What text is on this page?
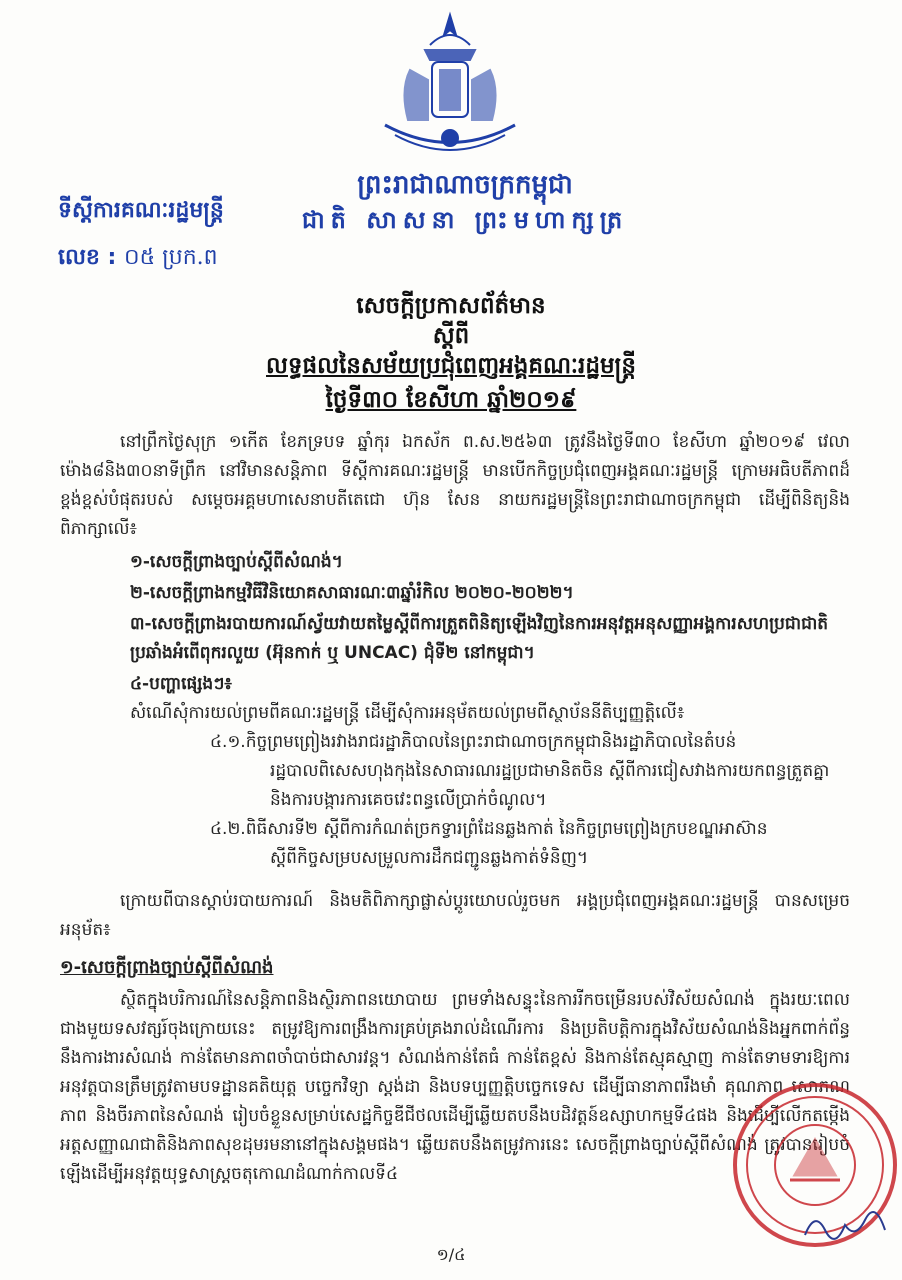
ព្រះរាជាណាចក្រកម្ពុជា
ជាតិ សាសនា ព្រះមហាក្សត្រ
ទីស្តីការគណៈរដ្ឋមន្ត្រី
លេខ : ០៥ ប្រក.ព
សេចក្តីប្រកាសព័ត៌មាន
ស្តីពី
លទ្ធផលនៃសម័យប្រជុំពេញអង្គគណៈរដ្ឋមន្ត្រី
ថ្ងៃទី៣០ ខែសីហា ឆ្នាំ២០១៩

នៅព្រឹកថ្ងៃសុក្រ ១កើត ខែភទ្របទ ឆ្នាំកុរ ឯកស័ក ព.ស.២៥៦៣ ត្រូវនឹងថ្ងៃទី៣០ ខែសីហា ឆ្នាំ២០១៩ វេលាម៉ោង៨និង៣០នាទីព្រឹក នៅវិមានសន្តិភាព ទីស្តីការគណៈរដ្ឋមន្ត្រី មានបើកកិច្ចប្រជុំពេញអង្គគណៈរដ្ឋមន្ត្រី ក្រោមអធិបតីភាពដ៏ខ្ពង់ខ្ពស់បំផុតរបស់ សម្តេចអគ្គមហាសេនាបតីតេជោ ហ៊ុន សែន នាយករដ្ឋមន្ត្រីនៃព្រះរាជាណាចក្រកម្ពុជា ដើម្បីពិនិត្យនិងពិភាក្សាលើ៖

១-សេចក្តីព្រាងច្បាប់ស្តីពីសំណង់។
២-សេចក្តីព្រាងកម្មវិធីវិនិយោគសាធារណៈ៣ឆ្នាំរំកិល ២០២០-២០២២។
៣-សេចក្តីព្រាងរបាយការណ៍ស្វ័យវាយតម្លៃស្តីពីការត្រួតពិនិត្យឡើងវិញនៃការអនុវត្តអនុសញ្ញាអង្គការសហប្រជាជាតិប្រឆាំងអំពើពុករលួយ (អ៊ុនកាក់ ឬ UNCAC) ជុំទី២ នៅកម្ពុជា។
៤-បញ្ហាផ្សេងៗ៖
សំណើសុំការយល់ព្រមពីគណៈរដ្ឋមន្ត្រី ដើម្បីសុំការអនុម័តយល់ព្រមពីស្ថាប័ននីតិប្បញ្ញត្តិលើ៖
៤.១.កិច្ចព្រមព្រៀងរវាងរាជរដ្ឋាភិបាលនៃព្រះរាជាណាចក្រកម្ពុជានិងរដ្ឋាភិបាលនៃតំបន់
រដ្ឋបាលពិសេសហុងកុងនៃសាធារណរដ្ឋប្រជាមានិតចិន ស្តីពីការជៀសវាងការយកពន្ធត្រួតគ្នា និងការបង្ការការគេចវេះពន្ធលើប្រាក់ចំណូល។
៤.២.ពិធីសារទី២ ស្តីពីការកំណត់ច្រកទ្វារព្រំដែនឆ្លងកាត់ នៃកិច្ចព្រមព្រៀងក្របខណ្ឌអាស៊ាន
ស្តីពីកិច្ចសម្របសម្រួលការដឹកជញ្ជូនឆ្លងកាត់ទំនិញ។

ក្រោយពីបានស្តាប់របាយការណ៍ និងមតិពិភាក្សាផ្លាស់ប្តូរយោបល់រួចមក អង្គប្រជុំពេញអង្គគណៈរដ្ឋមន្ត្រី បានសម្រេចអនុម័ត៖

១-សេចក្តីព្រាងច្បាប់ស្តីពីសំណង់

ស្ថិតក្នុងបរិការណ៍នៃសន្តិភាពនិងស្ថិរភាពនយោបាយ ព្រមទាំងសន្ទុះនៃការរីកចម្រើនរបស់វិស័យសំណង់ ក្នុងរយៈពេលជាងមួយទសវត្សរ៍ចុងក្រោយនេះ តម្រូវឱ្យការពង្រឹងការគ្រប់គ្រងរាល់ដំណើរការ និងប្រតិបត្តិការក្នុងវិស័យសំណង់និងអ្នកពាក់ព័ន្ធនឹងការងារសំណង់ កាន់តែមានភាពចាំបាច់ជាសារវន្ត។ សំណង់កាន់តែធំ កាន់តែខ្ពស់ និងកាន់តែស្មុគស្មាញ កាន់តែទាមទារឱ្យការអនុវត្តបានត្រឹមត្រូវតាមបទដ្ឋានគតិយុត្ត បច្ចេកវិទ្យា ស្តង់ដា និងបទប្បញ្ញត្តិបច្ចេកទេស ដើម្បីធានាភាពរឹងមាំ គុណភាព សោភណភាព និងចីរភាពនៃសំណង់ រៀបចំខ្លួនសម្រាប់សេដ្ឋកិច្ចឌីជីថលដើម្បីឆ្លើយតបនឹងបដិវត្តន៍ឧស្សាហកម្មទី៤ផង និងដើម្បីលើកតម្កើងអត្តសញ្ញាណជាតិនិងភាពសុខដុមរមនានៅក្នុងសង្គមផង។ ឆ្លើយតបនឹងតម្រូវការនេះ សេចក្តីព្រាងច្បាប់ស្តីពីសំណង់ ត្រូវបានរៀបចំឡើងដើម្បីអនុវត្តយុទ្ធសាស្ត្រចតុកោណដំណាក់កាលទី៤

១/៤
